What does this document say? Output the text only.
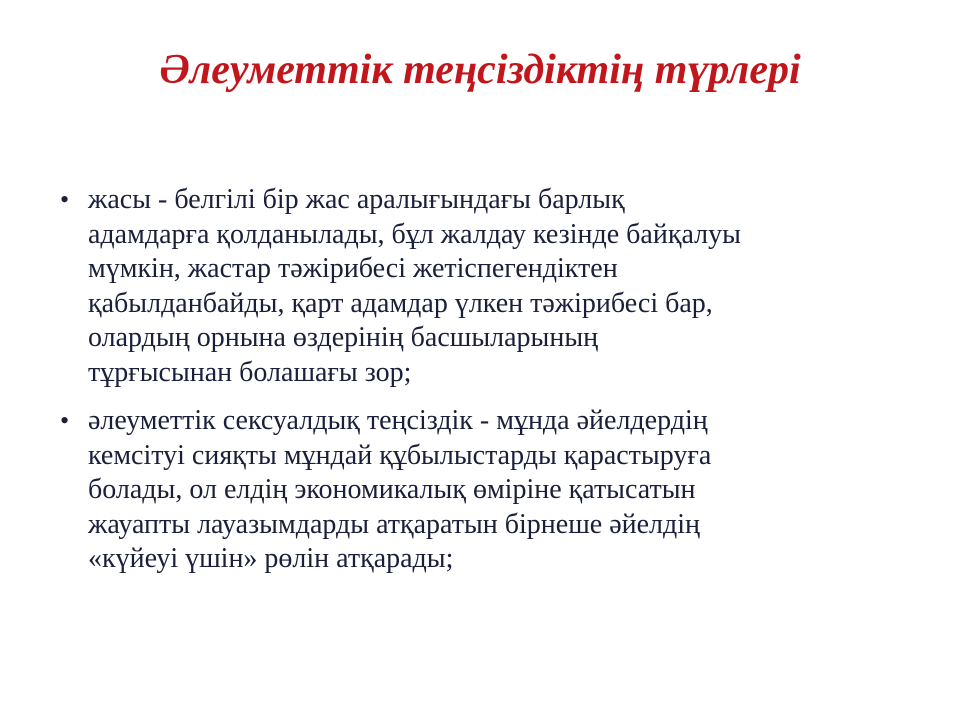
Әлеуметтік теңсіздіктің түрлері
• жасы - белгілі бір жас аралығындағы барлық
адамдарға қолданылады, бұл жалдау кезінде байқалуы
мүмкін, жастар тәжірибесі жетіспегендіктен
қабылданбайды, қарт адамдар үлкен тәжірибесі бар,
олардың орнына өздерінің басшыларының
тұрғысынан болашағы зор;
• әлеуметтік сексуалдық теңсіздік - мұнда әйелдердің
кемсітуі сияқты мұндай құбылыстарды қарастыруға
болады, ол елдің экономикалық өміріне қатысатын
жауапты лауазымдарды атқаратын бірнеше әйелдің
«күйеуі үшін» рөлін атқарады;
